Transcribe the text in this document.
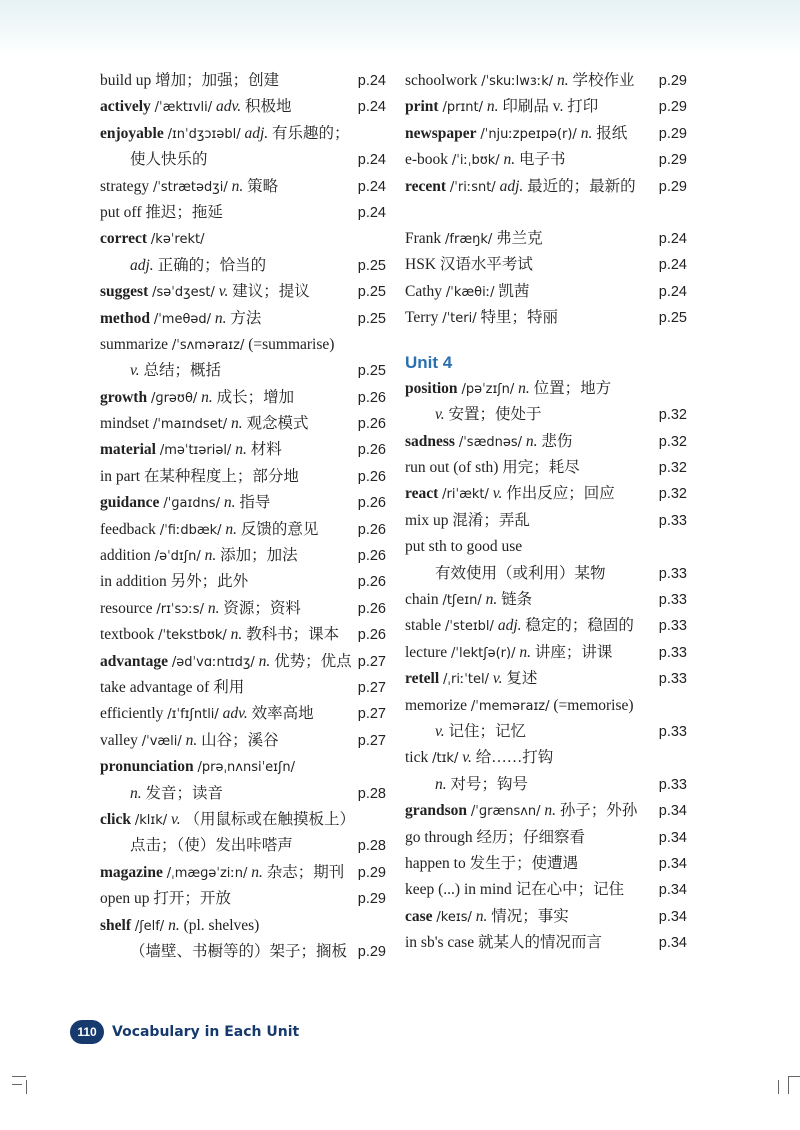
build up 增加；加强；创建	p.24
actively /ˈæktɪvli/ adv. 积极地	p.24
enjoyable /ɪnˈdʒɔɪəbl/ adj. 有乐趣的；
使人快乐的	p.24
strategy /ˈstrætədʒi/ n. 策略	p.24
put off 推迟；拖延	p.24
correct /kəˈrekt/
adj. 正确的；恰当的	p.25
suggest /səˈdʒest/ v. 建议；提议	p.25
method /ˈmeθəd/ n. 方法	p.25
summarize /ˈsʌməraɪz/ (=summarise)
v. 总结；概括	p.25
growth /ɡrəʊθ/ n. 成长；增加	p.26
mindset /ˈmaɪndset/ n. 观念模式	p.26
material /məˈtɪəriəl/ n. 材料	p.26
in part 在某种程度上；部分地	p.26
guidance /ˈɡaɪdns/ n. 指导	p.26
feedback /ˈfiːdbæk/ n. 反馈的意见	p.26
addition /əˈdɪʃn/ n. 添加；加法	p.26
in addition 另外；此外	p.26
resource /rɪˈsɔːs/ n. 资源；资料	p.26
textbook /ˈtekstbʊk/ n. 教科书；课本 p.26
advantage /ədˈvɑːntɪdʒ/ n. 优势；优点 p.27
take advantage of 利用	p.27
efficiently /ɪˈfɪʃntli/ adv. 效率高地	p.27
valley /ˈvæli/ n. 山谷；溪谷	p.27
pronunciation /prəˌnʌnsiˈeɪʃn/
n. 发音；读音	p.28
click /klɪk/ v. （用鼠标或在触摸板上）
点击；（使）发出咔嗒声	p.28
magazine /ˌmæɡəˈziːn/ n. 杂志；期刊 p.29
open up 打开；开放	p.29
shelf /ʃelf/ n. (pl. shelves)
（墙壁、书橱等的）架子；搁板 p.29
schoolwork /ˈskuːlwɜːk/ n. 学校作业 p.29
print /prɪnt/ n. 印刷品 v. 打印	p.29
newspaper /ˈnjuːzpeɪpə(r)/ n. 报纸 p.29
e-book /ˈiːˌbʊk/ n. 电子书	p.29
recent /ˈriːsnt/ adj. 最近的；最新的 p.29
Frank /fræŋk/ 弗兰克	p.24
HSK 汉语水平考试	p.24
Cathy /ˈkæθiː/ 凯茜	p.24
Terry /ˈteri/ 特里；特丽	p.25
Unit 4
position /pəˈzɪʃn/ n. 位置；地方
v. 安置；使处于	p.32
sadness /ˈsædnəs/ n. 悲伤	p.32
run out (of sth) 用完；耗尽	p.32
react /riˈækt/ v. 作出反应；回应	p.32
mix up 混淆；弄乱	p.33
put sth to good use
有效使用（或利用）某物	p.33
chain /tʃeɪn/ n. 链条	p.33
stable /ˈsteɪbl/ adj. 稳定的；稳固的 p.33
lecture /ˈlektʃə(r)/ n. 讲座；讲课	p.33
retell /ˌriːˈtel/ v. 复述	p.33
memorize /ˈmeməraɪz/ (=memorise)
v. 记住；记忆	p.33
tick /tɪk/ v. 给……打钩
n. 对号；钩号	p.33
grandson /ˈɡrænsʌn/ n. 孙子；外孙 p.34
go through 经历；仔细察看	p.34
happen to 发生于；使遭遇	p.34
keep (...) in mind 记在心中；记住 p.34
case /keɪs/ n. 情况；事实	p.34
in sb's case 就某人的情况而言	p.34
110	Vocabulary in Each Unit
